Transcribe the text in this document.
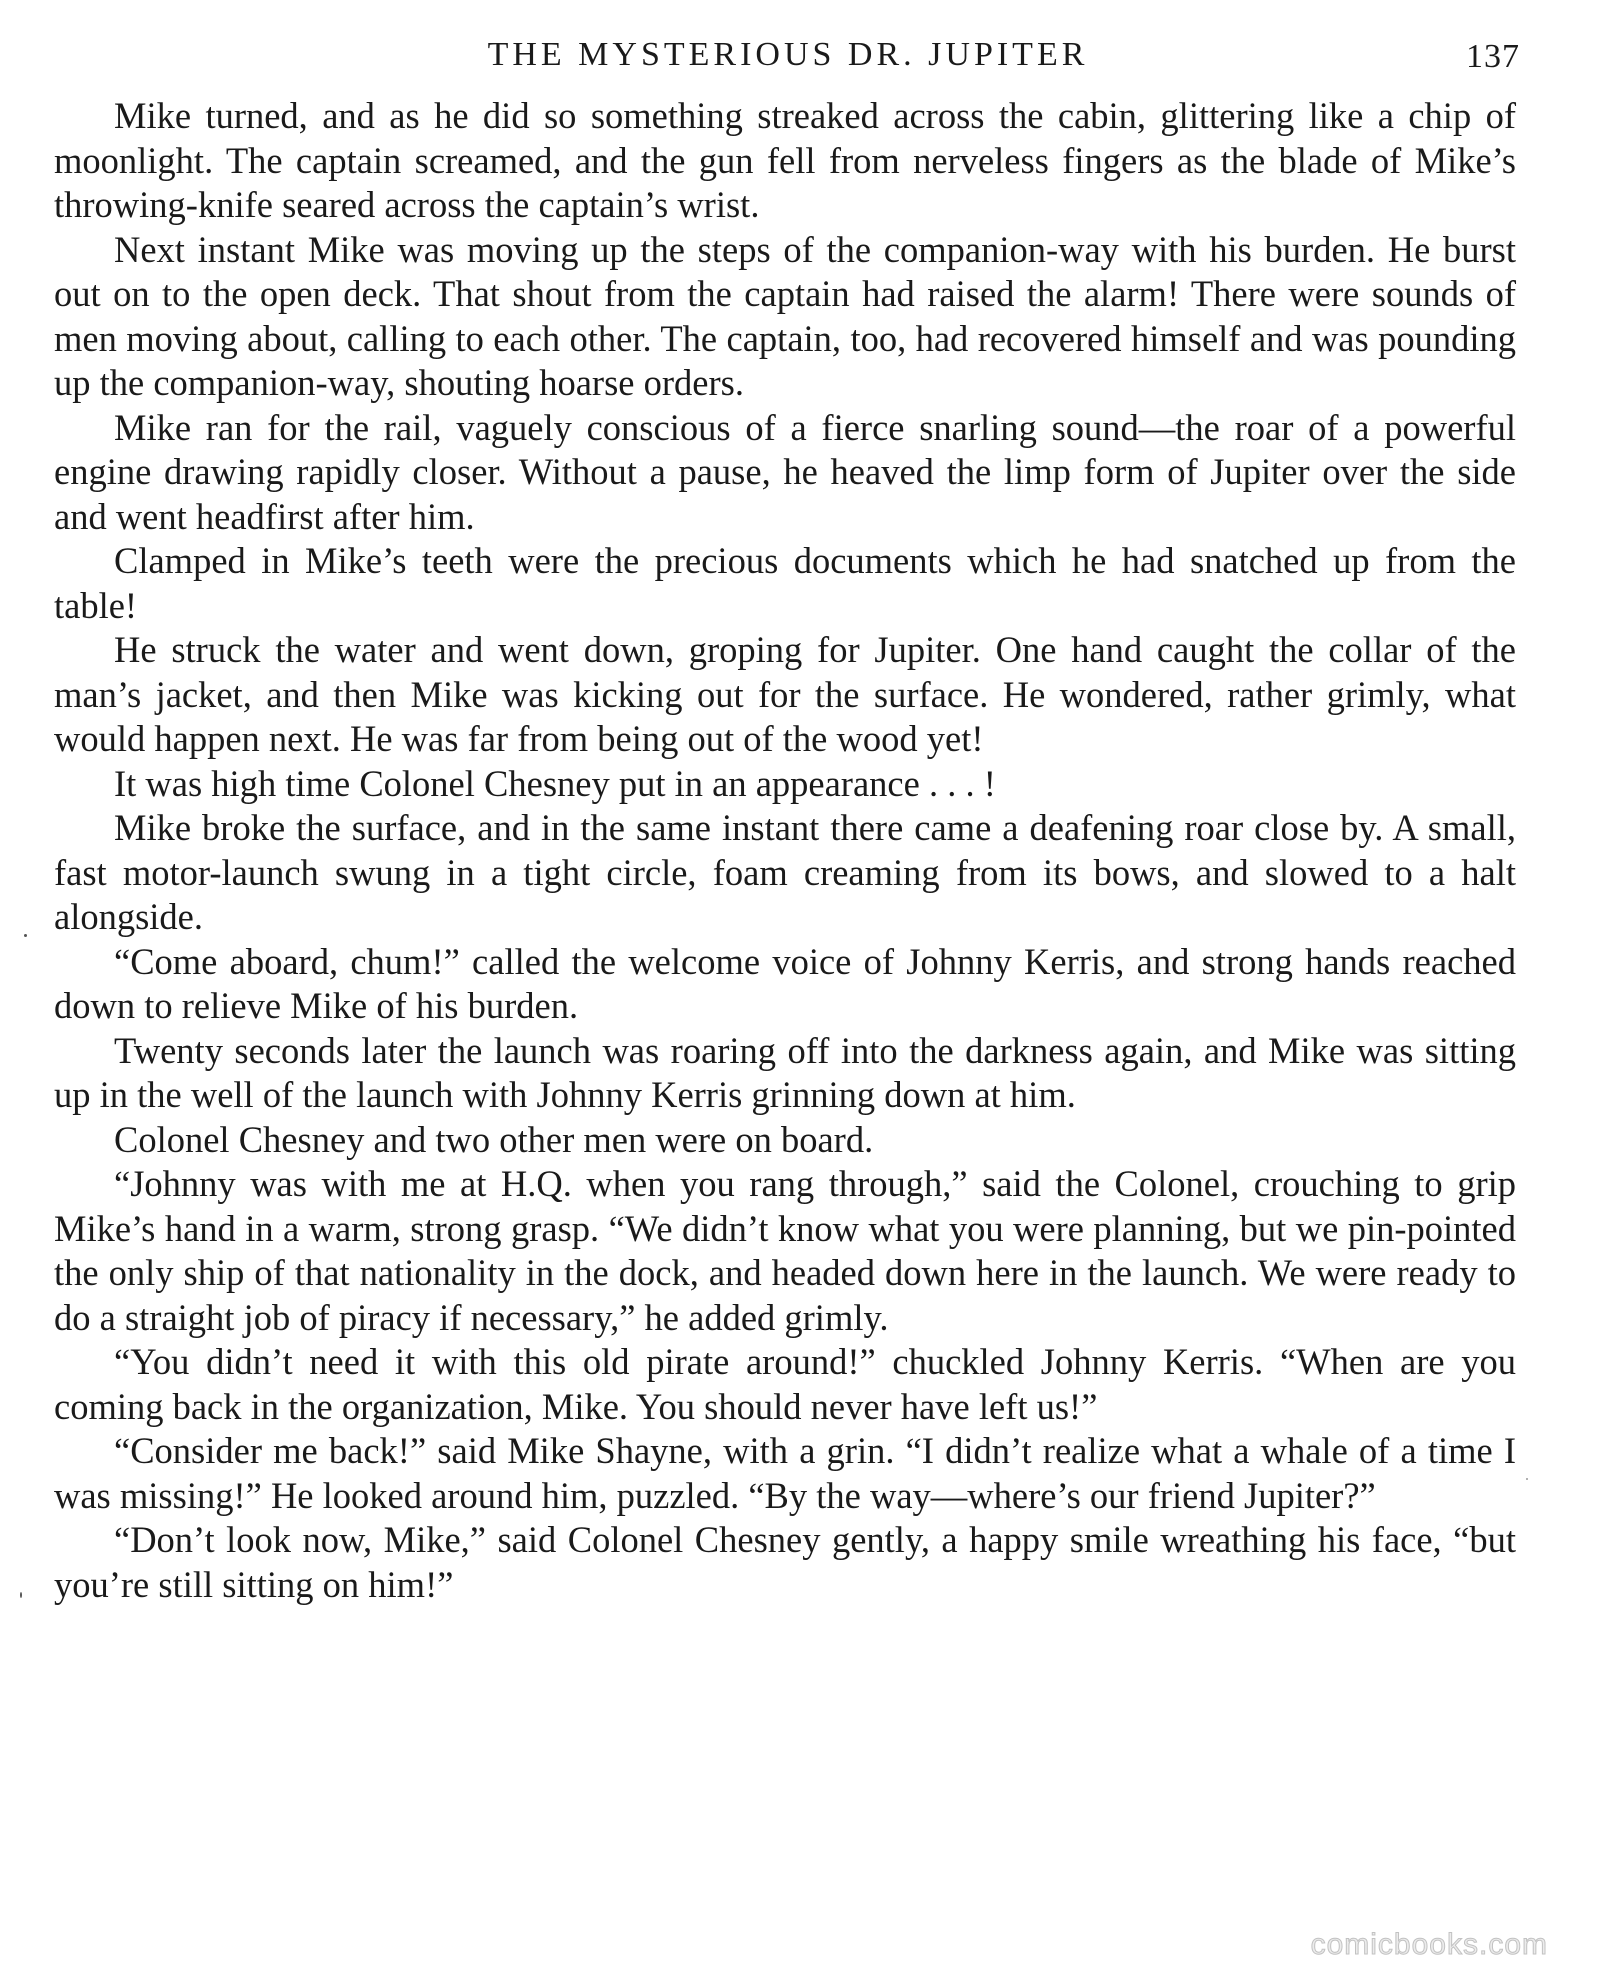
THE MYSTERIOUS DR. JUPITER	137

Mike turned, and as he did so something streaked across the cabin, glittering like a chip of moonlight. The captain screamed, and the gun fell from nerveless fingers as the blade of Mike’s throwing-knife seared across the captain’s wrist.

Next instant Mike was moving up the steps of the companion-way with his burden. He burst out on to the open deck. That shout from the captain had raised the alarm! There were sounds of men moving about, calling to each other. The captain, too, had recovered himself and was pounding up the companion-way, shouting hoarse orders.

Mike ran for the rail, vaguely conscious of a fierce snarling sound—the roar of a powerful engine drawing rapidly closer. Without a pause, he heaved the limp form of Jupiter over the side and went headfirst after him.

Clamped in Mike’s teeth were the precious documents which he had snatched up from the table!

He struck the water and went down, groping for Jupiter. One hand caught the collar of the man’s jacket, and then Mike was kicking out for the surface. He wondered, rather grimly, what would happen next. He was far from being out of the wood yet!

It was high time Colonel Chesney put in an appearance . . . !

Mike broke the surface, and in the same instant there came a deafening roar close by. A small, fast motor-launch swung in a tight circle, foam creaming from its bows, and slowed to a halt alongside.

“Come aboard, chum!” called the welcome voice of Johnny Kerris, and strong hands reached down to relieve Mike of his burden.

Twenty seconds later the launch was roaring off into the darkness again, and Mike was sitting up in the well of the launch with Johnny Kerris grinning down at him.

Colonel Chesney and two other men were on board.

“Johnny was with me at H.Q. when you rang through,” said the Colonel, crouching to grip Mike’s hand in a warm, strong grasp. “We didn’t know what you were planning, but we pin-pointed the only ship of that nationality in the dock, and headed down here in the launch. We were ready to do a straight job of piracy if necessary,” he added grimly.

“You didn’t need it with this old pirate around!” chuckled Johnny Kerris. “When are you coming back in the organization, Mike. You should never have left us!”

“Consider me back!” said Mike Shayne, with a grin. “I didn’t realize what a whale of a time I was missing!” He looked around him, puzzled. “By the way—where’s our friend Jupiter?”

“Don’t look now, Mike,” said Colonel Chesney gently, a happy smile wreathing his face, “but you’re still sitting on him!”

comicbooks.com
